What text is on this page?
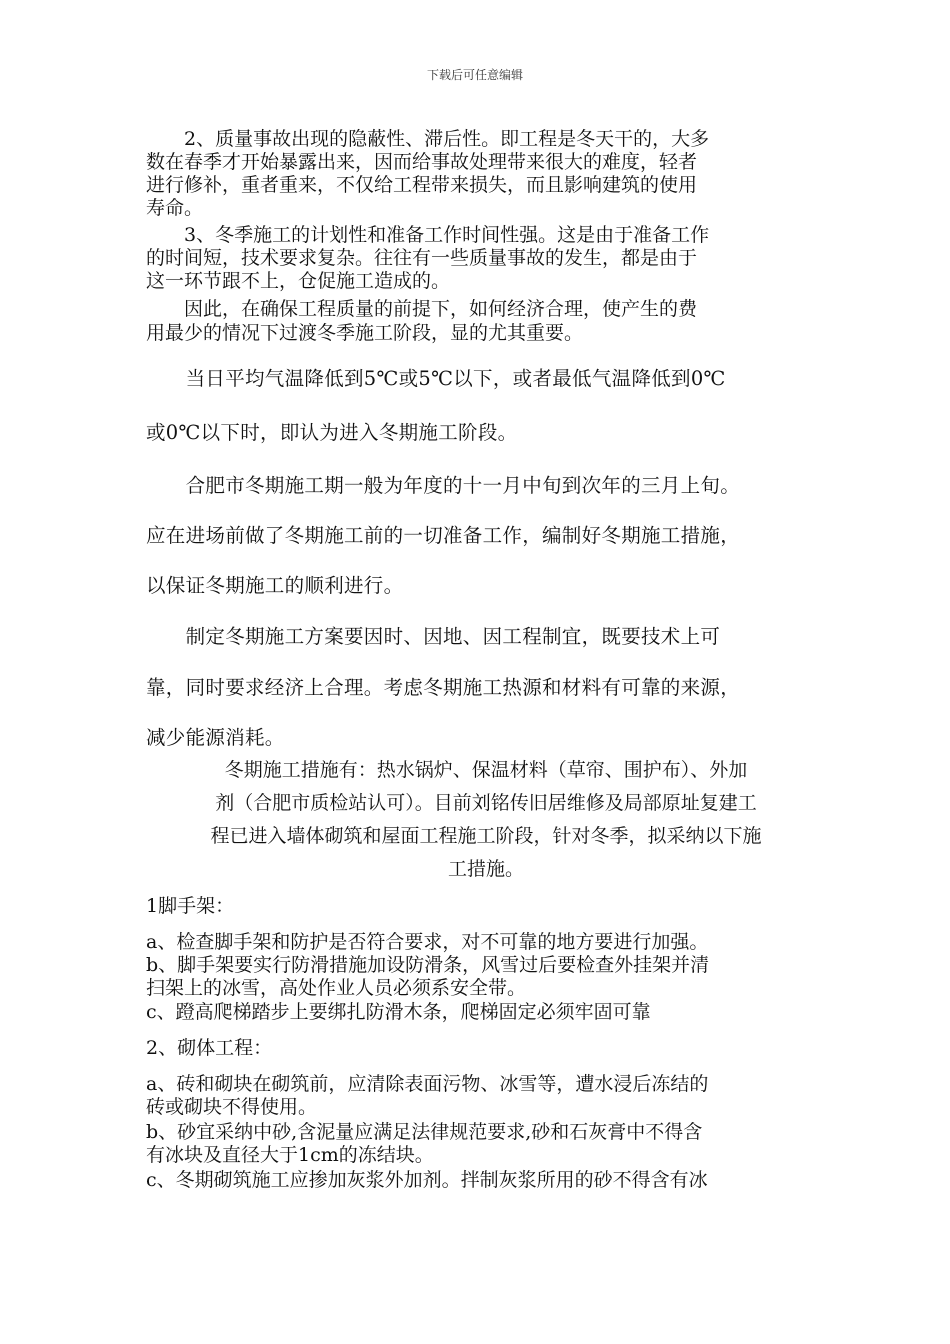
下载后可任意编辑
　　2、质量事故出现的隐蔽性、滞后性。即工程是冬天干的，大多
数在春季才开始暴露出来，因而给事故处理带来很大的难度，轻者
进行修补，重者重来，不仅给工程带来损失，而且影响建筑的使用
寿命。
　　3、冬季施工的计划性和准备工作时间性强。这是由于准备工作
的时间短，技术要求复杂。往往有一些质量事故的发生，都是由于
这一环节跟不上，仓促施工造成的。
　　因此，在确保工程质量的前提下，如何经济合理，使产生的费
用最少的情况下过渡冬季施工阶段，显的尤其重要。
　　当日平均气温降低到5℃或5℃以下，或者最低气温降低到0℃
或0℃以下时，即认为进入冬期施工阶段。
　　合肥市冬期施工期一般为年度的十一月中旬到次年的三月上旬。
应在进场前做了冬期施工前的一切准备工作，编制好冬期施工措施，
以保证冬期施工的顺利进行。
　　制定冬期施工方案要因时、因地、因工程制宜，既要技术上可
靠，同时要求经济上合理。考虑冬期施工热源和材料有可靠的来源，
减少能源消耗。
冬期施工措施有：热水锅炉、保温材料（草帘、围护布）、外加
剂（合肥市质检站认可）。目前刘铭传旧居维修及局部原址复建工
程已进入墙体砌筑和屋面工程施工阶段，针对冬季，拟采纳以下施
工措施。
1脚手架：
a、检查脚手架和防护是否符合要求，对不可靠的地方要进行加强。
b、脚手架要实行防滑措施加设防滑条，风雪过后要检查外挂架并清
扫架上的冰雪，高处作业人员必须系安全带。
c、蹬高爬梯踏步上要绑扎防滑木条，爬梯固定必须牢固可靠
2、砌体工程：
a、砖和砌块在砌筑前，应清除表面污物、冰雪等，遭水浸后冻结的
砖或砌块不得使用。
b、砂宜采纳中砂,含泥量应满足法律规范要求,砂和石灰膏中不得含
有冰块及直径大于1cm的冻结块。
c、冬期砌筑施工应掺加灰浆外加剂。拌制灰浆所用的砂不得含有冰
